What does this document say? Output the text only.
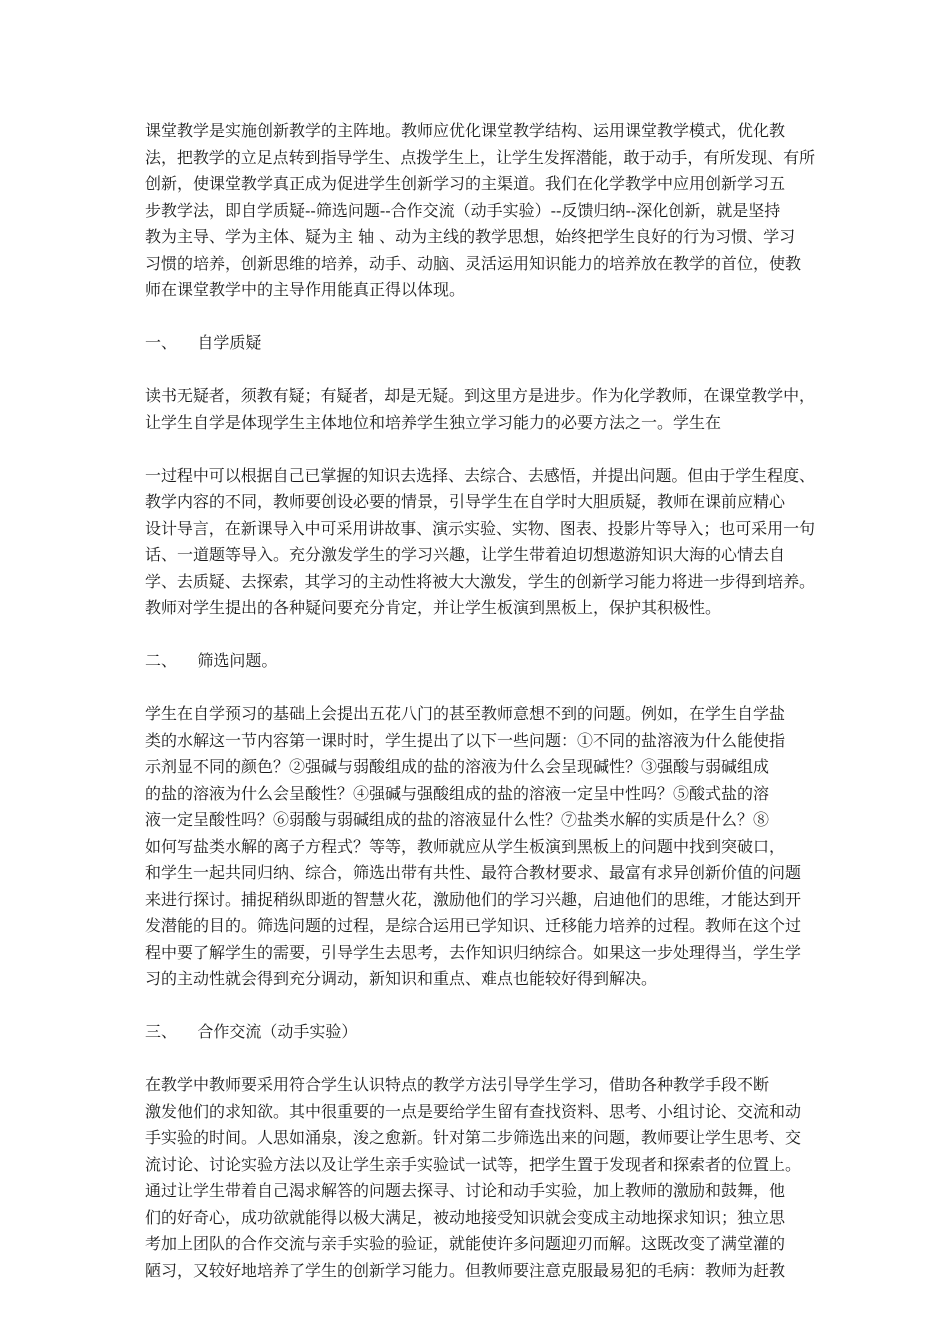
课堂教学是实施创新教学的主阵地。教师应优化课堂教学结构、运用课堂教学模式，优化教
法，把教学的立足点转到指导学生、点拨学生上，让学生发挥潜能，敢于动手，有所发现、有所
创新，使课堂教学真正成为促进学生创新学习的主渠道。我们在化学教学中应用创新学习五
步教学法，即自学质疑--筛选问题--合作交流（动手实验）--反馈归纳--深化创新，就是坚持
教为主导、学为主体、疑为主 轴 、动为主线的教学思想，始终把学生良好的行为习惯、学习
习惯的培养，创新思维的培养，动手、动脑、灵活运用知识能力的培养放在教学的首位，使教
师在课堂教学中的主导作用能真正得以体现。
一、    自学质疑
读书无疑者，须教有疑；有疑者，却是无疑。到这里方是进步。作为化学教师，在课堂教学中，
让学生自学是体现学生主体地位和培养学生独立学习能力的必要方法之一。学生在
一过程中可以根据自己已掌握的知识去选择、去综合、去感悟，并提出问题。但由于学生程度、
教学内容的不同，教师要创设必要的情景，引导学生在自学时大胆质疑，教师在课前应精心
设计导言，在新课导入中可采用讲故事、演示实验、实物、图表、投影片等导入；也可采用一句
话、一道题等导入。充分激发学生的学习兴趣，让学生带着迫切想遨游知识大海的心情去自
学、去质疑、去探索，其学习的主动性将被大大激发，学生的创新学习能力将进一步得到培养。
教师对学生提出的各种疑问要充分肯定，并让学生板演到黑板上，保护其积极性。
二、    筛选问题。
学生在自学预习的基础上会提出五花八门的甚至教师意想不到的问题。例如，在学生自学盐
类的水解这一节内容第一课时时，学生提出了以下一些问题：①不同的盐溶液为什么能使指
示剂显不同的颜色？②强碱与弱酸组成的盐的溶液为什么会呈现碱性？③强酸与弱碱组成
的盐的溶液为什么会呈酸性？④强碱与强酸组成的盐的溶液一定呈中性吗？⑤酸式盐的溶
液一定呈酸性吗？⑥弱酸与弱碱组成的盐的溶液显什么性？⑦盐类水解的实质是什么？⑧
如何写盐类水解的离子方程式？等等，教师就应从学生板演到黑板上的问题中找到突破口，
和学生一起共同归纳、综合，筛选出带有共性、最符合教材要求、最富有求异创新价值的问题
来进行探讨。捕捉稍纵即逝的智慧火花，激励他们的学习兴趣，启迪他们的思维，才能达到开
发潜能的目的。筛选问题的过程，是综合运用已学知识、迁移能力培养的过程。教师在这个过
程中要了解学生的需要，引导学生去思考，去作知识归纳综合。如果这一步处理得当，学生学
习的主动性就会得到充分调动，新知识和重点、难点也能较好得到解决。
三、    合作交流（动手实验）
在教学中教师要采用符合学生认识特点的教学方法引导学生学习，借助各种教学手段不断
激发他们的求知欲。其中很重要的一点是要给学生留有查找资料、思考、小组讨论、交流和动
手实验的时间。人思如涌泉，浚之愈新。针对第二步筛选出来的问题，教师要让学生思考、交
流讨论、讨论实验方法以及让学生亲手实验试一试等，把学生置于发现者和探索者的位置上。
通过让学生带着自己渴求解答的问题去探寻、讨论和动手实验，加上教师的激励和鼓舞，他
们的好奇心，成功欲就能得以极大满足，被动地接受知识就会变成主动地探求知识；独立思
考加上团队的合作交流与亲手实验的验证，就能使许多问题迎刃而解。这既改变了满堂灌的
陋习，又较好地培养了学生的创新学习能力。但教师要注意克服最易犯的毛病：教师为赶教
